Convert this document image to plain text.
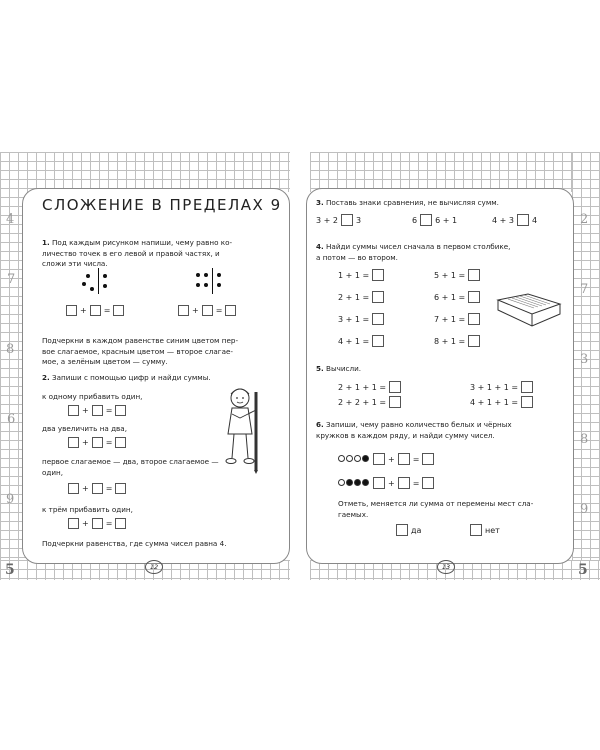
4
7
8
6
9
5
2
7
3
8
9
5
СЛОЖЕНИЕ В ПРЕДЕЛАХ 9
1. Под каждым рисунком напиши, чему равно ко-
личество точек в его левой и правой частях, и
сложи эти числа.
+ =	+ =
Подчеркни в каждом равенстве синим цветом пер-
вое слагаемое, красным цветом — второе слагае-
мое, а зелёным цветом — сумму.
2. Запиши с помощью цифр и найди суммы.
к одному прибавить один,
+ =
два увеличить на два,
+ =
первое слагаемое — два, второе слагаемое —
один,
+ =
к трём прибавить один,
+ =
Подчеркни равенства, где сумма чисел равна 4.
12
3. Поставь знаки сравнения, не вычисляя сумм.
3 + 2 3	6 6 + 1	4 + 3 4
4. Найди суммы чисел сначала в первом столбике,
а потом — во втором.
1 + 1 =
2 + 1 =
3 + 1 =
4 + 1 =
5 + 1 =
6 + 1 =
7 + 1 =
8 + 1 =
5. Вычисли.
2 + 1 + 1 =
2 + 2 + 1 =
3 + 1 + 1 =
4 + 1 + 1 =
6. Запиши, чему равно количество белых и чёрных
кружков в каждом ряду, и найди сумму чисел.
+ =
+ =
Отметь, меняется ли сумма от перемены мест сла-
гаемых.
да	нет
13
